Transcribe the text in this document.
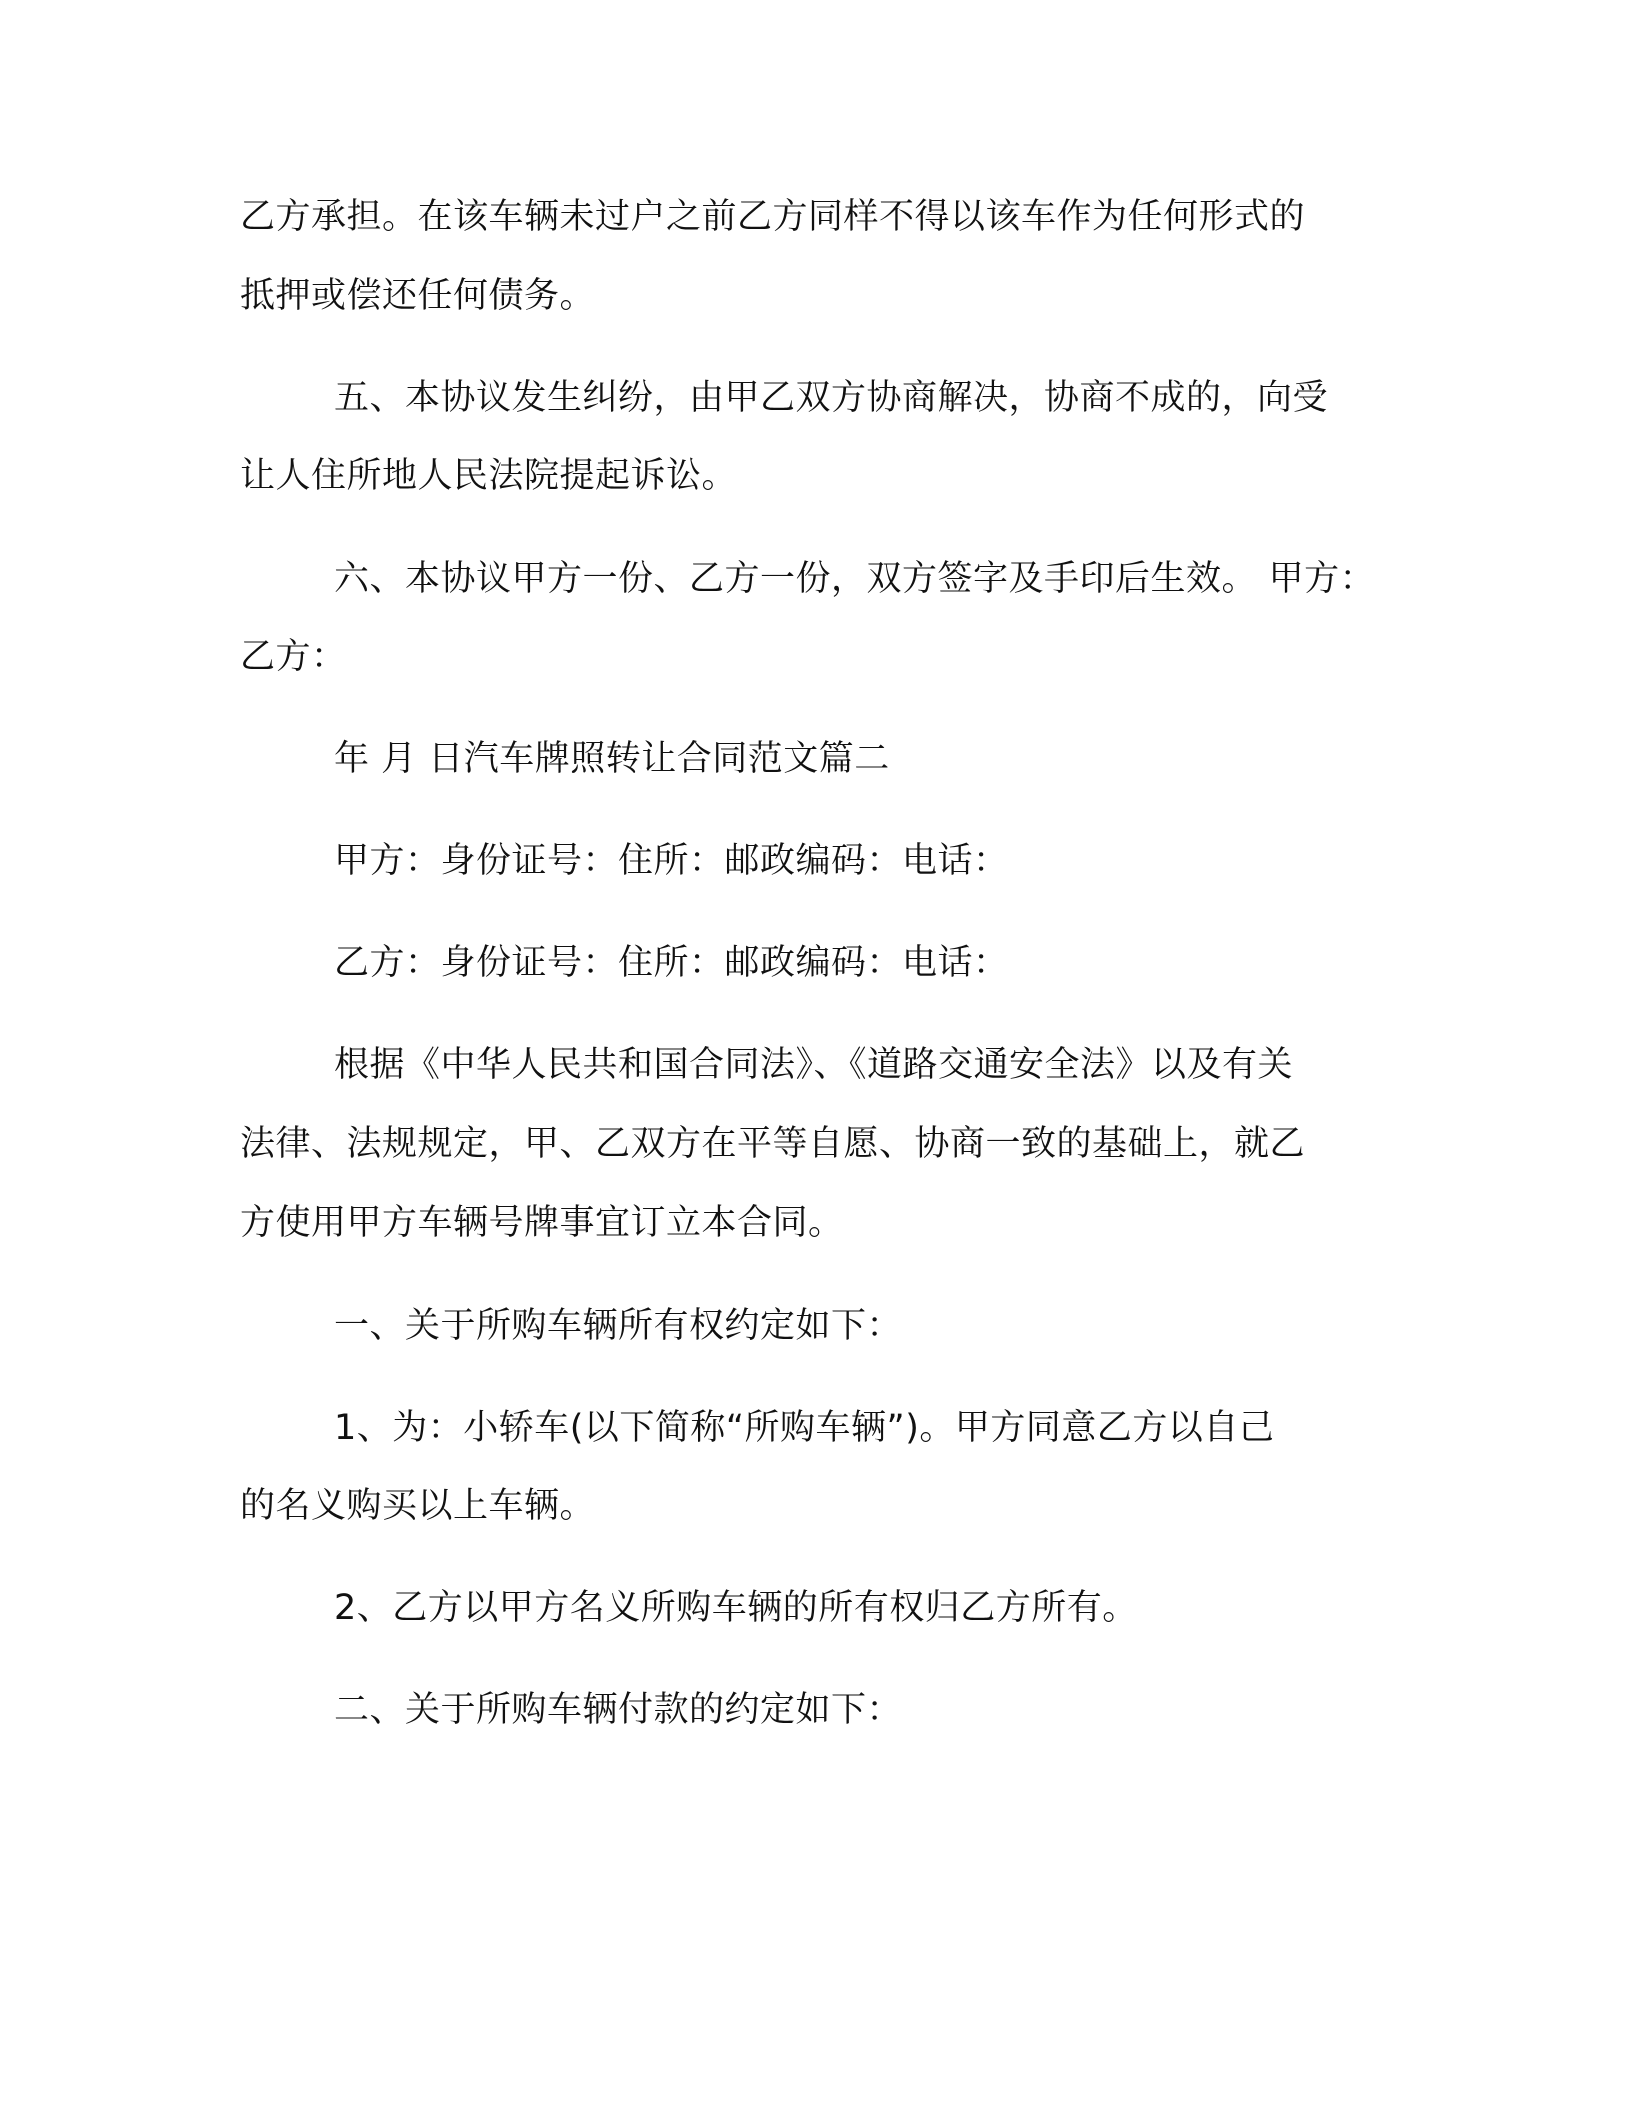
乙方承担。在该车辆未过户之前乙方同样不得以该车作为任何形式的

抵押或偿还任何债务。

五、本协议发生纠纷，由甲乙双方协商解决，协商不成的，向受

让人住所地人民法院提起诉讼。

六、本协议甲方一份、乙方一份，双方签字及手印后生效。 甲方：

乙方：

年 月 日汽车牌照转让合同范文篇二

甲方：身份证号：住所：邮政编码：电话：

乙方：身份证号：住所：邮政编码：电话：

根据《中华人民共和国合同法》、《道路交通安全法》以及有关

法律、法规规定，甲、乙双方在平等自愿、协商一致的基础上，就乙

方使用甲方车辆号牌事宜订立本合同。

一、关于所购车辆所有权约定如下：

1、为：小轿车(以下简称“所购车辆”)。甲方同意乙方以自己

的名义购买以上车辆。

2、乙方以甲方名义所购车辆的所有权归乙方所有。

二、关于所购车辆付款的约定如下：
